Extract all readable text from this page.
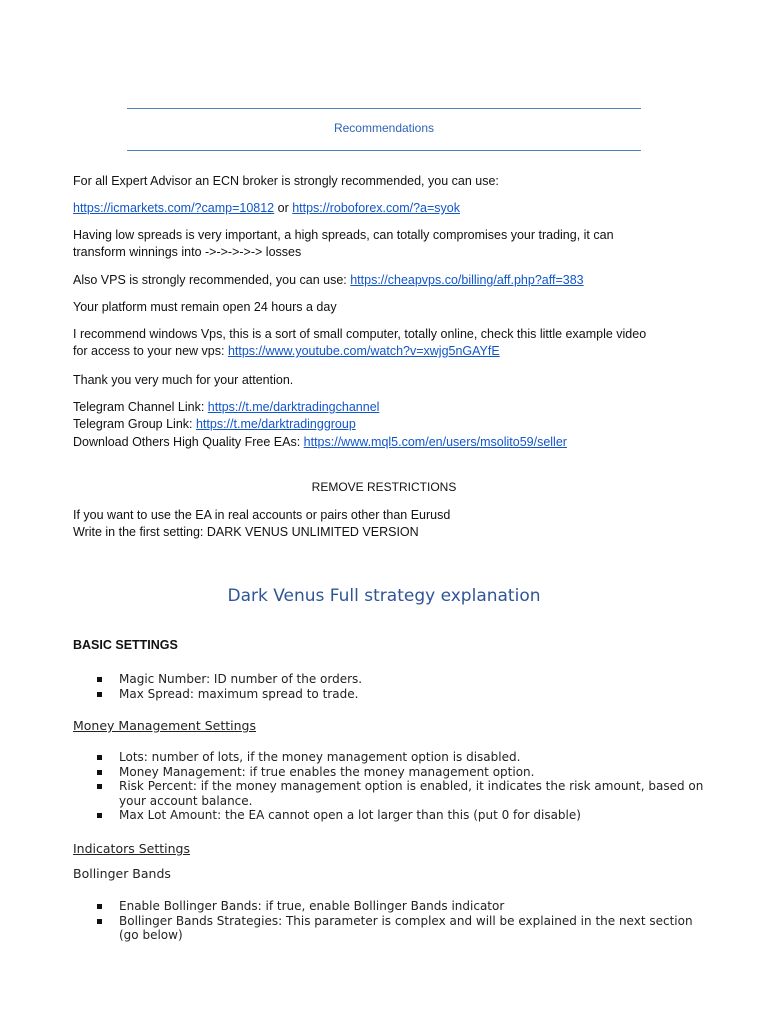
Recommendations

For all Expert Advisor an ECN broker is strongly recommended, you can use:

https://icmarkets.com/?camp=10812 or https://roboforex.com/?a=syok

Having low spreads is very important, a high spreads, can totally compromises your trading, it can
transform winnings into ->->->->-> losses

Also VPS is strongly recommended, you can use: https://cheapvps.co/billing/aff.php?aff=383

Your platform must remain open 24 hours a day

I recommend windows Vps, this is a sort of small computer, totally online, check this little example video
for access to your new vps: https://www.youtube.com/watch?v=xwjg5nGAYfE

Thank you very much for your attention.

Telegram Channel Link: https://t.me/darktradingchannel

Telegram Group Link: https://t.me/darktradinggroup

Download Others High Quality Free EAs: https://www.mql5.com/en/users/msolito59/seller

REMOVE RESTRICTIONS

If you want to use the EA in real accounts or pairs other than Eurusd
Write in the first setting: DARK VENUS UNLIMITED VERSION

Dark Venus Full strategy explanation
BASIC SETTINGS
Magic Number: ID number of the orders.
Max Spread: maximum spread to trade.
Money Management Settings
Lots: number of lots, if the money management option is disabled.
Money Management: if true enables the money management option.
Risk Percent: if the money management option is enabled, it indicates the risk amount, based on your account balance.
Max Lot Amount: the EA cannot open a lot larger than this (put 0 for disable)
Indicators Settings
Bollinger Bands
Enable Bollinger Bands: if true, enable Bollinger Bands indicator
Bollinger Bands Strategies: This parameter is complex and will be explained in the next section (go below)
